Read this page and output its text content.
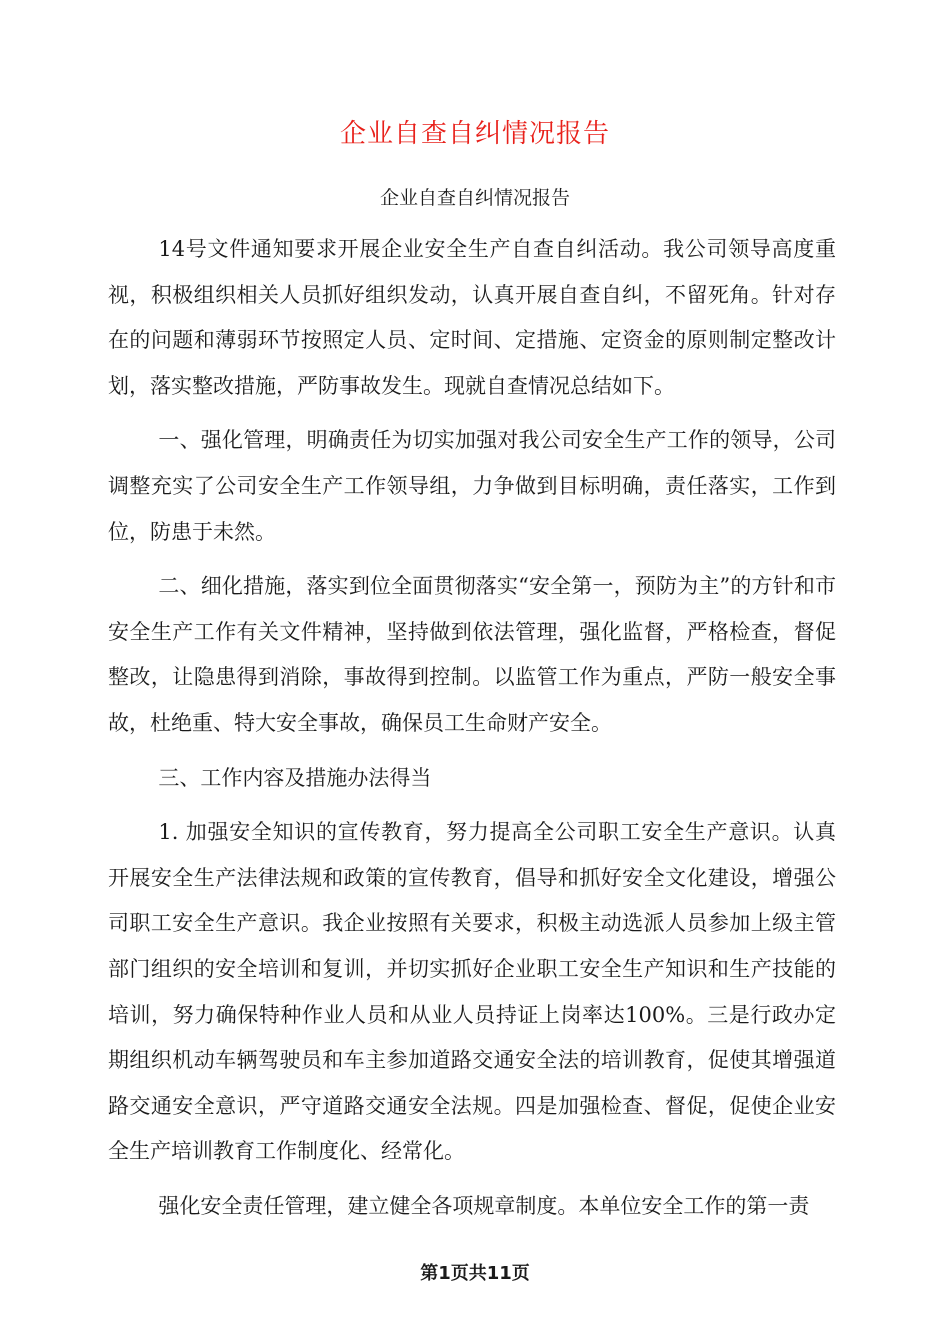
企业自查自纠情况报告
企业自查自纠情况报告

14号文件通知要求开展企业安全生产自查自纠活动。我公司领导高度重视，积极组织相关人员抓好组织发动，认真开展自查自纠，不留死角。针对存在的问题和薄弱环节按照定人员、定时间、定措施、定资金的原则制定整改计划，落实整改措施，严防事故发生。现就自查情况总结如下。

一、强化管理，明确责任为切实加强对我公司安全生产工作的领导，公司调整充实了公司安全生产工作领导组，力争做到目标明确，责任落实，工作到位，防患于未然。

二、细化措施，落实到位全面贯彻落实“安全第一，预防为主”的方针和市安全生产工作有关文件精神，坚持做到依法管理，强化监督，严格检查，督促整改，让隐患得到消除，事故得到控制。以监管工作为重点，严防一般安全事故，杜绝重、特大安全事故，确保员工生命财产安全。

三、工作内容及措施办法得当

1. 加强安全知识的宣传教育，努力提高全公司职工安全生产意识。认真开展安全生产法律法规和政策的宣传教育，倡导和抓好安全文化建设，增强公司职工安全生产意识。我企业按照有关要求，积极主动选派人员参加上级主管部门组织的安全培训和复训，并切实抓好企业职工安全生产知识和生产技能的培训，努力确保特种作业人员和从业人员持证上岗率达100%。三是行政办定期组织机动车辆驾驶员和车主参加道路交通安全法的培训教育，促使其增强道路交通安全意识，严守道路交通安全法规。四是加强检查、督促，促使企业安全生产培训教育工作制度化、经常化。

强化安全责任管理，建立健全各项规章制度。本单位安全工作的第一责

第1页共11页
